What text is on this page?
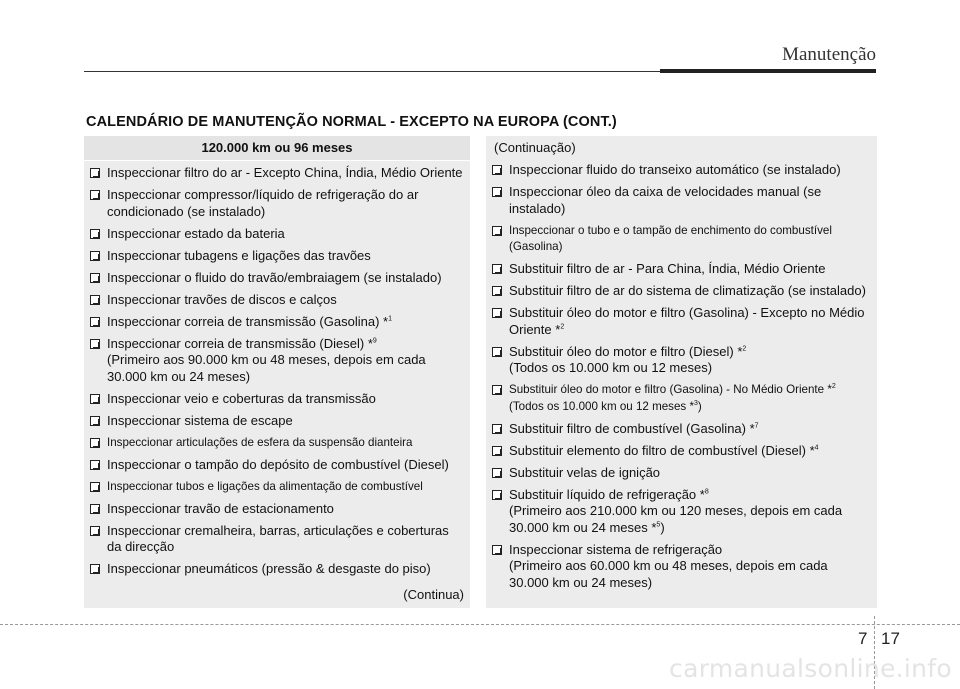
Manutenção
CALENDÁRIO DE MANUTENÇÃO NORMAL - EXCEPTO NA EUROPA (CONT.)
120.000 km ou 96 meses
Inspeccionar filtro do ar - Excepto China, Índia, Médio Oriente
Inspeccionar compressor/líquido de refrigeração do ar condicionado (se instalado)
Inspeccionar estado da bateria
Inspeccionar tubagens e ligações das travões
Inspeccionar o fluido do travão/embraiagem (se instalado)
Inspeccionar travões de discos e calços
Inspeccionar correia de transmissão (Gasolina) *$^1$
Inspeccionar correia de transmissão (Diesel) *$^9$
(Primeiro aos 90.000 km ou 48 meses, depois em cada 30.000 km ou 24 meses)
Inspeccionar veio e coberturas da transmissão
Inspeccionar sistema de escape
Inspeccionar articulações de esfera da suspensão dianteira
Inspeccionar o tampão do depósito de combustível (Diesel)
Inspeccionar tubos e ligações da alimentação de combustível
Inspeccionar travão de estacionamento
Inspeccionar cremalheira, barras, articulações e coberturas da direcção
Inspeccionar pneumáticos (pressão & desgaste do piso)
(Continua)
(Continuação)
Inspeccionar fluido do transeixo automático (se instalado)
Inspeccionar óleo da caixa de velocidades manual (se instalado)
Inspeccionar o tubo e o tampão de enchimento do combustível (Gasolina)
Substituir filtro de ar - Para China, Índia, Médio Oriente
Substituir filtro de ar do sistema de climatização (se instalado)
Substituir óleo do motor e filtro (Gasolina) - Excepto no Médio Oriente *$^2$
Substituir óleo do motor e filtro (Diesel) *$^2$
(Todos os 10.000 km ou 12 meses)
Substituir óleo do motor e filtro (Gasolina) - No Médio Oriente *$^2$
(Todos os 10.000 km ou 12 meses *$^3$)
Substituir filtro de combustível (Gasolina) *$^7$
Substituir elemento do filtro de combustível (Diesel) *$^4$
Substituir velas de ignição
Substituir líquido de refrigeração *$^8$
(Primeiro aos 210.000 km ou 120 meses, depois em cada 30.000 km ou 24 meses *$^5$)
Inspeccionar sistema de refrigeração
(Primeiro aos 60.000 km ou 48 meses, depois em cada 30.000 km ou 24 meses)
7 17
carmanualsonline.info
